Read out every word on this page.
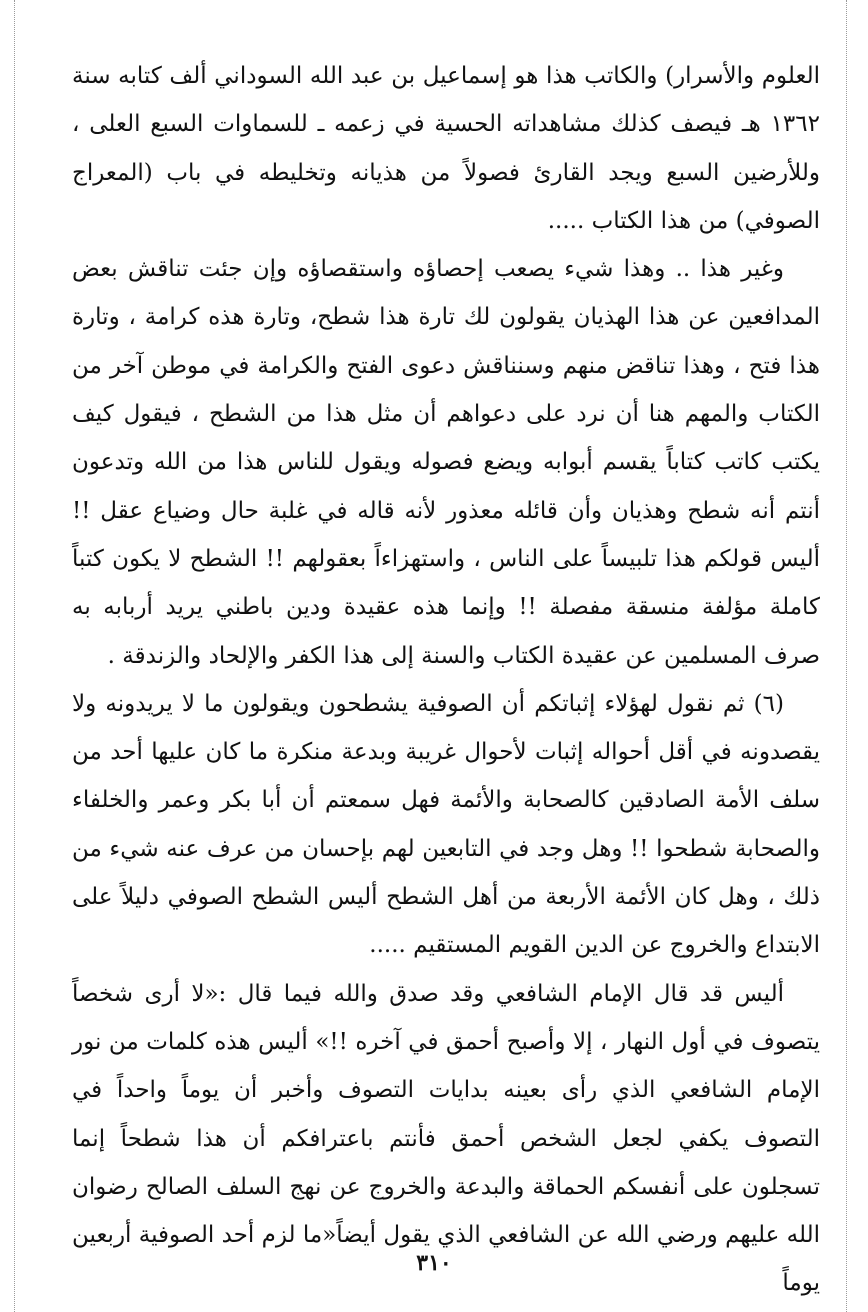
العلوم والأسرار) والكاتب هذا هو إسماعيل بن عبد الله السوداني ألف كتابه سنة ١٣٦٢ هـ فيصف كذلك مشاهداته الحسية في زعمه ـ للسماوات السبع العلى ، وللأرضين السبع ويجد القارئ فصولاً من هذيانه وتخليطه في باب (المعراج الصوفي) من هذا الكتاب .....

وغير هذا .. وهذا شيء يصعب إحصاؤه واستقصاؤه وإن جئت تناقش بعض المدافعين عن هذا الهذيان يقولون لك تارة هذا شطح، وتارة هذه كرامة ، وتارة هذا فتح ، وهذا تناقض منهم وسنناقش دعوى الفتح والكرامة في موطن آخر من الكتاب والمهم هنا أن نرد على دعواهم أن مثل هذا من الشطح ، فيقول كيف يكتب كاتب كتاباً يقسم أبوابه ويضع فصوله ويقول للناس هذا من الله وتدعون أنتم أنه شطح وهذيان وأن قائله معذور لأنه قاله في غلبة حال وضياع عقل !! أليس قولكم هذا تلبيساً على الناس ، واستهزاءاً بعقولهم !! الشطح لا يكون كتباً كاملة مؤلفة منسقة مفصلة !! وإنما هذه عقيدة ودين باطني يريد أربابه به صرف المسلمين عن عقيدة الكتاب والسنة إلى هذا الكفر والإلحاد والزندقة .

(٦) ثم نقول لهؤلاء إثباتكم أن الصوفية يشطحون ويقولون ما لا يريدونه ولا يقصدونه في أقل أحواله إثبات لأحوال غريبة وبدعة منكرة ما كان عليها أحد من سلف الأمة الصادقين كالصحابة والأئمة فهل سمعتم أن أبا بكر وعمر والخلفاء والصحابة شطحوا !! وهل وجد في التابعين لهم بإحسان من عرف عنه شيء من ذلك ، وهل كان الأئمة الأربعة من أهل الشطح أليس الشطح الصوفي دليلاً على الابتداع والخروج عن الدين القويم المستقيم .....

أليس قد قال الإمام الشافعي وقد صدق والله فيما قال :«لا أرى شخصاً يتصوف في أول النهار ، إلا وأصبح أحمق في آخره !!» أليس هذه كلمات من نور الإمام الشافعي الذي رأى بعينه بدايات التصوف وأخبر أن يوماً واحداً في التصوف يكفي لجعل الشخص أحمق فأنتم باعترافكم أن هذا شطحاً إنما تسجلون على أنفسكم الحماقة والبدعة والخروج عن نهج السلف الصالح رضوان الله عليهم ورضي الله عن الشافعي الذي يقول أيضاً«ما لزم أحد الصوفية أربعين يوماً

٣١٠
